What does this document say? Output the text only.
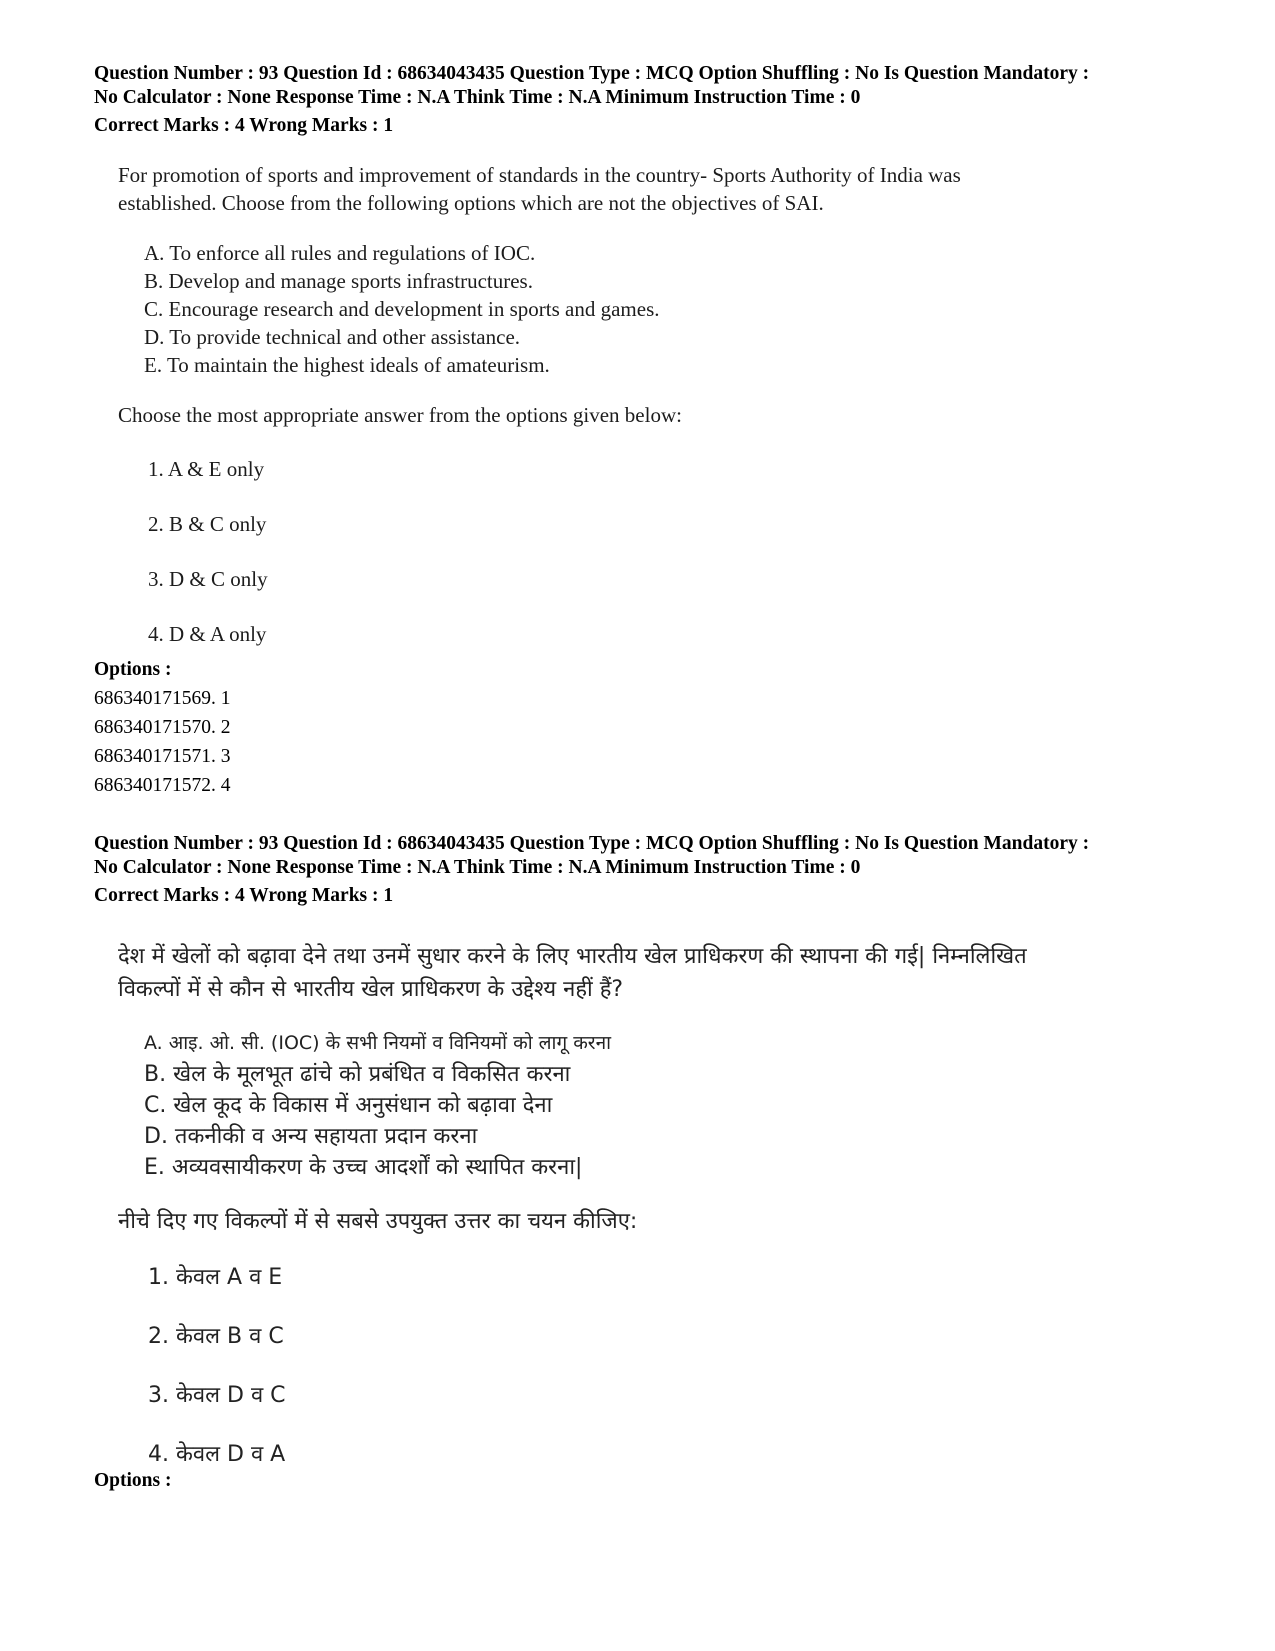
Question Number : 93 Question Id : 68634043435 Question Type : MCQ Option Shuffling : No Is Question Mandatory :
No Calculator : None Response Time : N.A Think Time : N.A Minimum Instruction Time : 0
Correct Marks : 4 Wrong Marks : 1

For promotion of sports and improvement of standards in the country- Sports Authority of India was

established. Choose from the following options which are not the objectives of SAI.

A. To enforce all rules and regulations of IOC.
B. Develop and manage sports infrastructures.
C. Encourage research and development in sports and games.
D. To provide technical and other assistance.
E. To maintain the highest ideals of amateurism.

Choose the most appropriate answer from the options given below:

1. A & E only
2. B & C only
3. D & C only
4. D & A only
Options :
686340171569. 1
686340171570. 2
686340171571. 3
686340171572. 4
Question Number : 93 Question Id : 68634043435 Question Type : MCQ Option Shuffling : No Is Question Mandatory :
No Calculator : None Response Time : N.A Think Time : N.A Minimum Instruction Time : 0
Correct Marks : 4 Wrong Marks : 1

देश में खेलों को बढ़ावा देने तथा उनमें सुधार करने के लिए भारतीय खेल प्राधिकरण की स्थापना की गई| निम्नलिखित

विकल्पों में से कौन से भारतीय खेल प्राधिकरण के उद्देश्य नहीं हैं?

A. आइ. ओ. सी. (IOC) के सभी नियमों व विनियमों को लागू करना
B. खेल के मूलभूत ढांचे को प्रबंधित व विकसित करना
C. खेल कूद के विकास में अनुसंधान को बढ़ावा देना
D. तकनीकी व अन्य सहायता प्रदान करना
E. अव्यवसायीकरण के उच्च आदर्शों को स्थापित करना|

नीचे दिए गए विकल्पों में से सबसे उपयुक्त उत्तर का चयन कीजिए:

1. केवल A व E
2. केवल B व C
3. केवल D व C
4. केवल D व A
Options :
